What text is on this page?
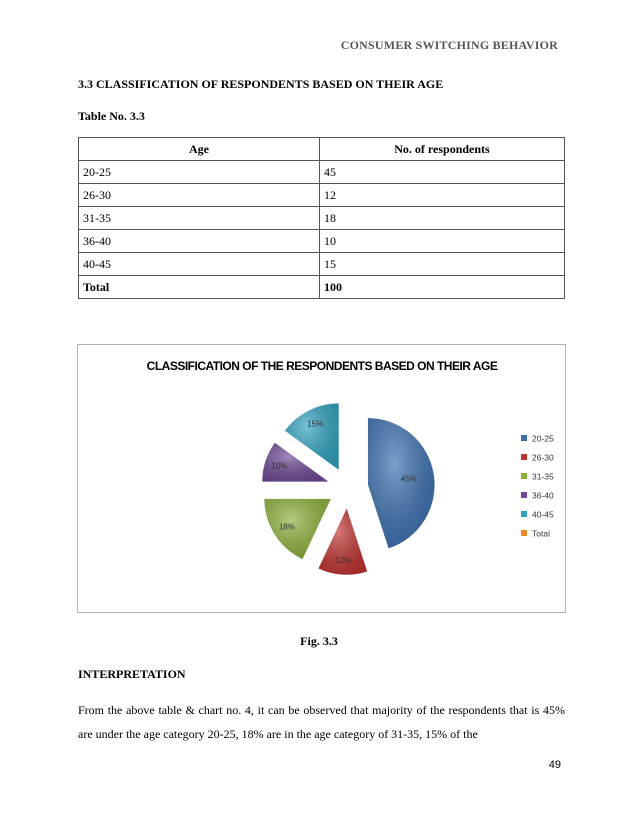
CONSUMER SWITCHING BEHAVIOR
3.3 CLASSIFICATION OF RESPONDENTS BASED ON THEIR AGE
Table No. 3.3
Age	No. of respondents
20-25	45
26-30	12
31-35	18
36-40	10
40-45	15
Total	100
CLASSIFICATION OF THE RESPONDENTS BASED ON THEIR AGE
45%
12%
18%
10%
15%
20-25
26-30
31-35
36-40
40-45
Total
Fig. 3.3
INTERPRETATION
From the above table & chart no. 4, it can be observed that majority of the respondents that is 45% are under the age category 20-25, 18% are in the age category of 31-35, 15% of the
49
